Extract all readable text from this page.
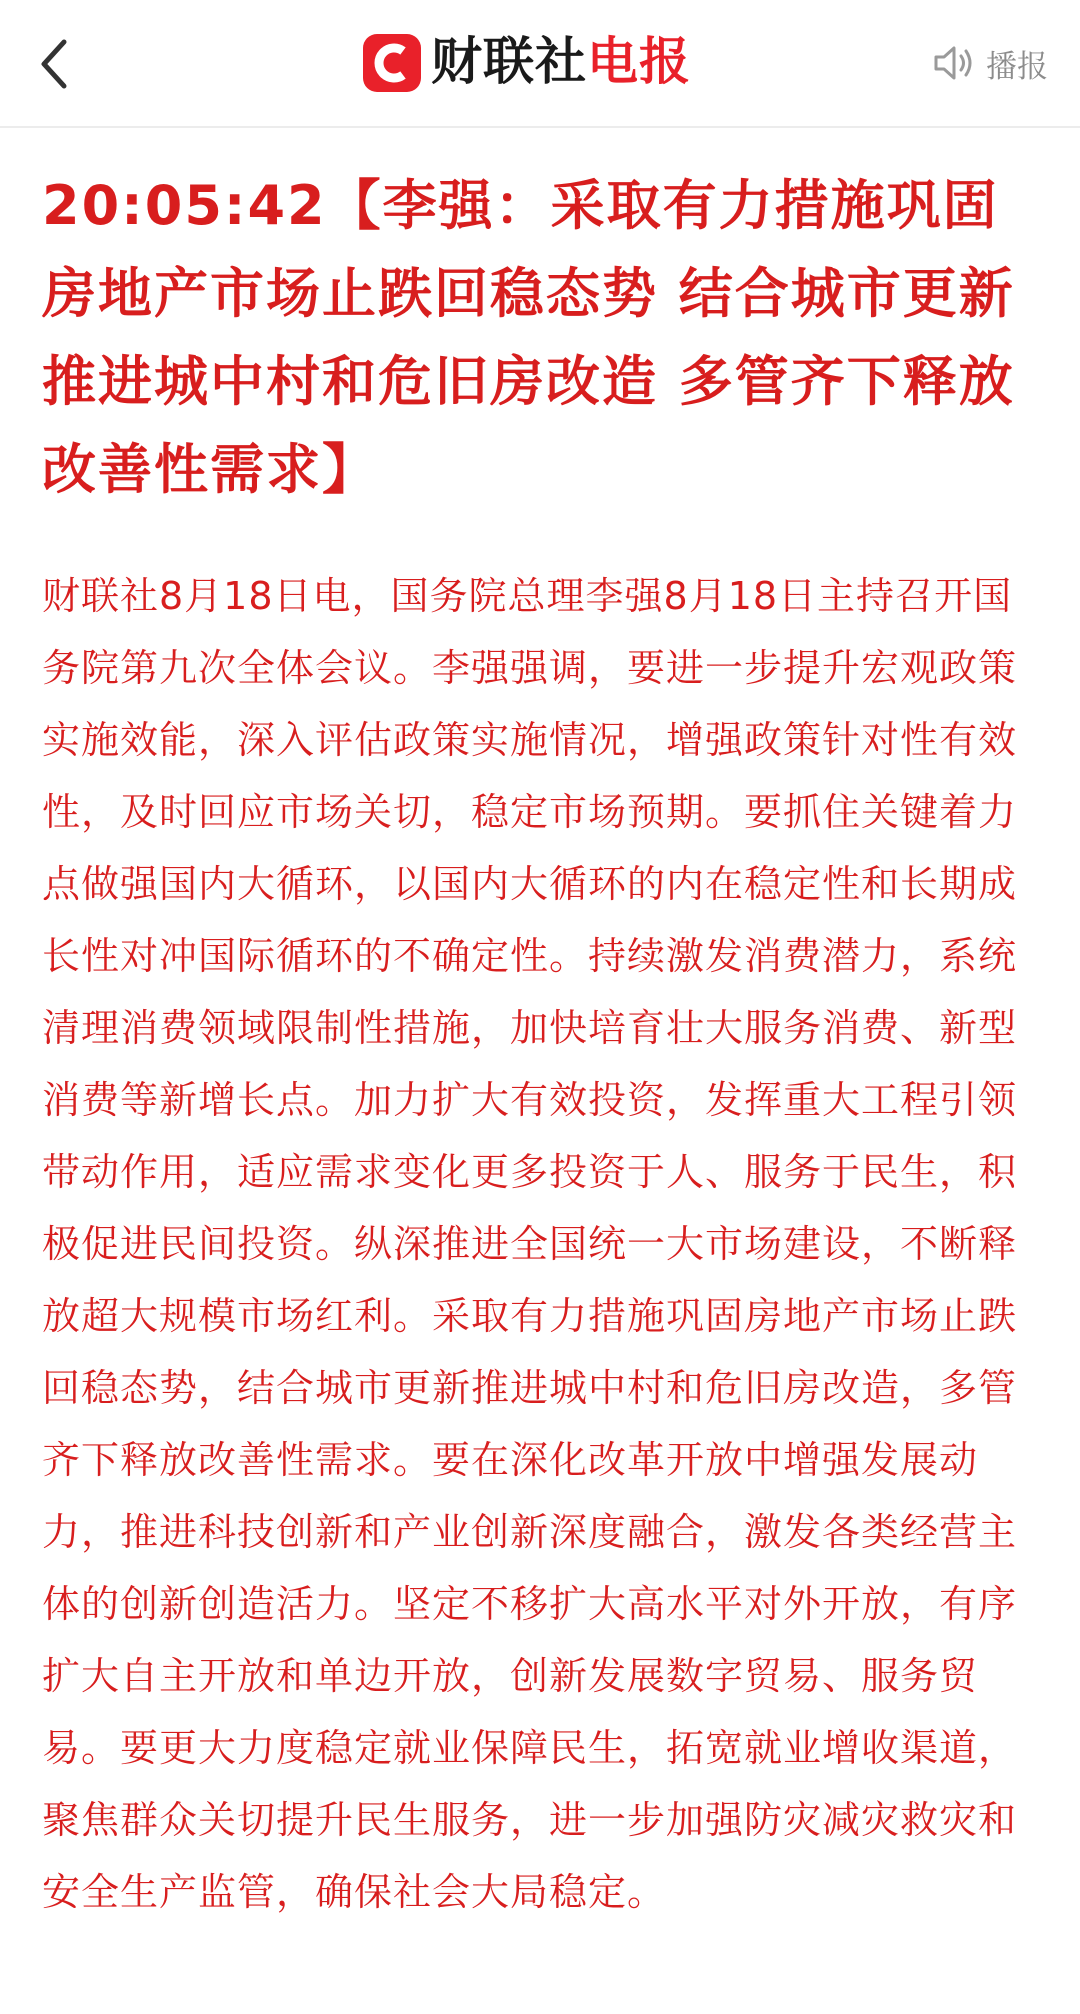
财联社 电报	播报
20:05:42【李强：采取有力措施巩固房地产市场止跌回稳态势 结合城市更新推进城中村和危旧房改造 多管齐下释放改善性需求】

财联社8月18日电，国务院总理李强8月18日主持召开国务院第九次全体会议。李强强调，要进一步提升宏观政策实施效能，深入评估政策实施情况，增强政策针对性有效性，及时回应市场关切，稳定市场预期。要抓住关键着力点做强国内大循环，以国内大循环的内在稳定性和长期成长性对冲国际循环的不确定性。持续激发消费潜力，系统清理消费领域限制性措施，加快培育壮大服务消费、新型消费等新增长点。加力扩大有效投资，发挥重大工程引领带动作用，适应需求变化更多投资于人、服务于民生，积极促进民间投资。纵深推进全国统一大市场建设，不断释放超大规模市场红利。采取有力措施巩固房地产市场止跌回稳态势，结合城市更新推进城中村和危旧房改造，多管齐下释放改善性需求。要在深化改革开放中增强发展动力，推进科技创新和产业创新深度融合，激发各类经营主体的创新创造活力。坚定不移扩大高水平对外开放，有序扩大自主开放和单边开放，创新发展数字贸易、服务贸易。要更大力度稳定就业保障民生，拓宽就业增收渠道，聚焦群众关切提升民生服务，进一步加强防灾减灾救灾和安全生产监管，确保社会大局稳定。
